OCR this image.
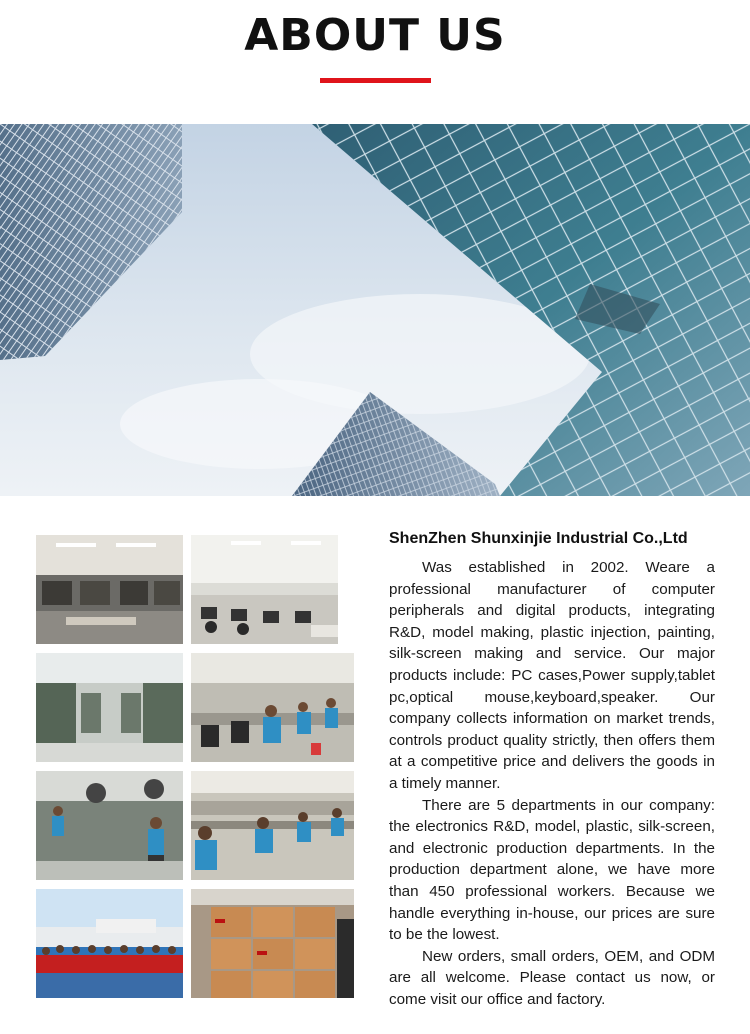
ABOUT US
ShenZhen Shunxinjie Industrial Co.,Ltd

Was established in 2002. Weare a professional manufacturer of computer peripherals and digital products, integrating R&D, model making, plastic injection, painting, silk-screen making and service. Our major products include: PC cases,Power supply,tablet pc,optical mouse,keyboard,speaker. Our company collects information on market trends, controls product quality strictly, then offers them at a competitive price and delivers the goods in a timely manner.

There are 5 departments in our company: the electronics R&D, model, plastic, silk-screen, and electronic production departments. In the production department alone, we have more than 450 professional workers. Because we handle everything in-house, our prices are sure to be the lowest.

New orders, small orders, OEM, and ODM are all welcome. Please contact us now, or come visit our office and factory.
